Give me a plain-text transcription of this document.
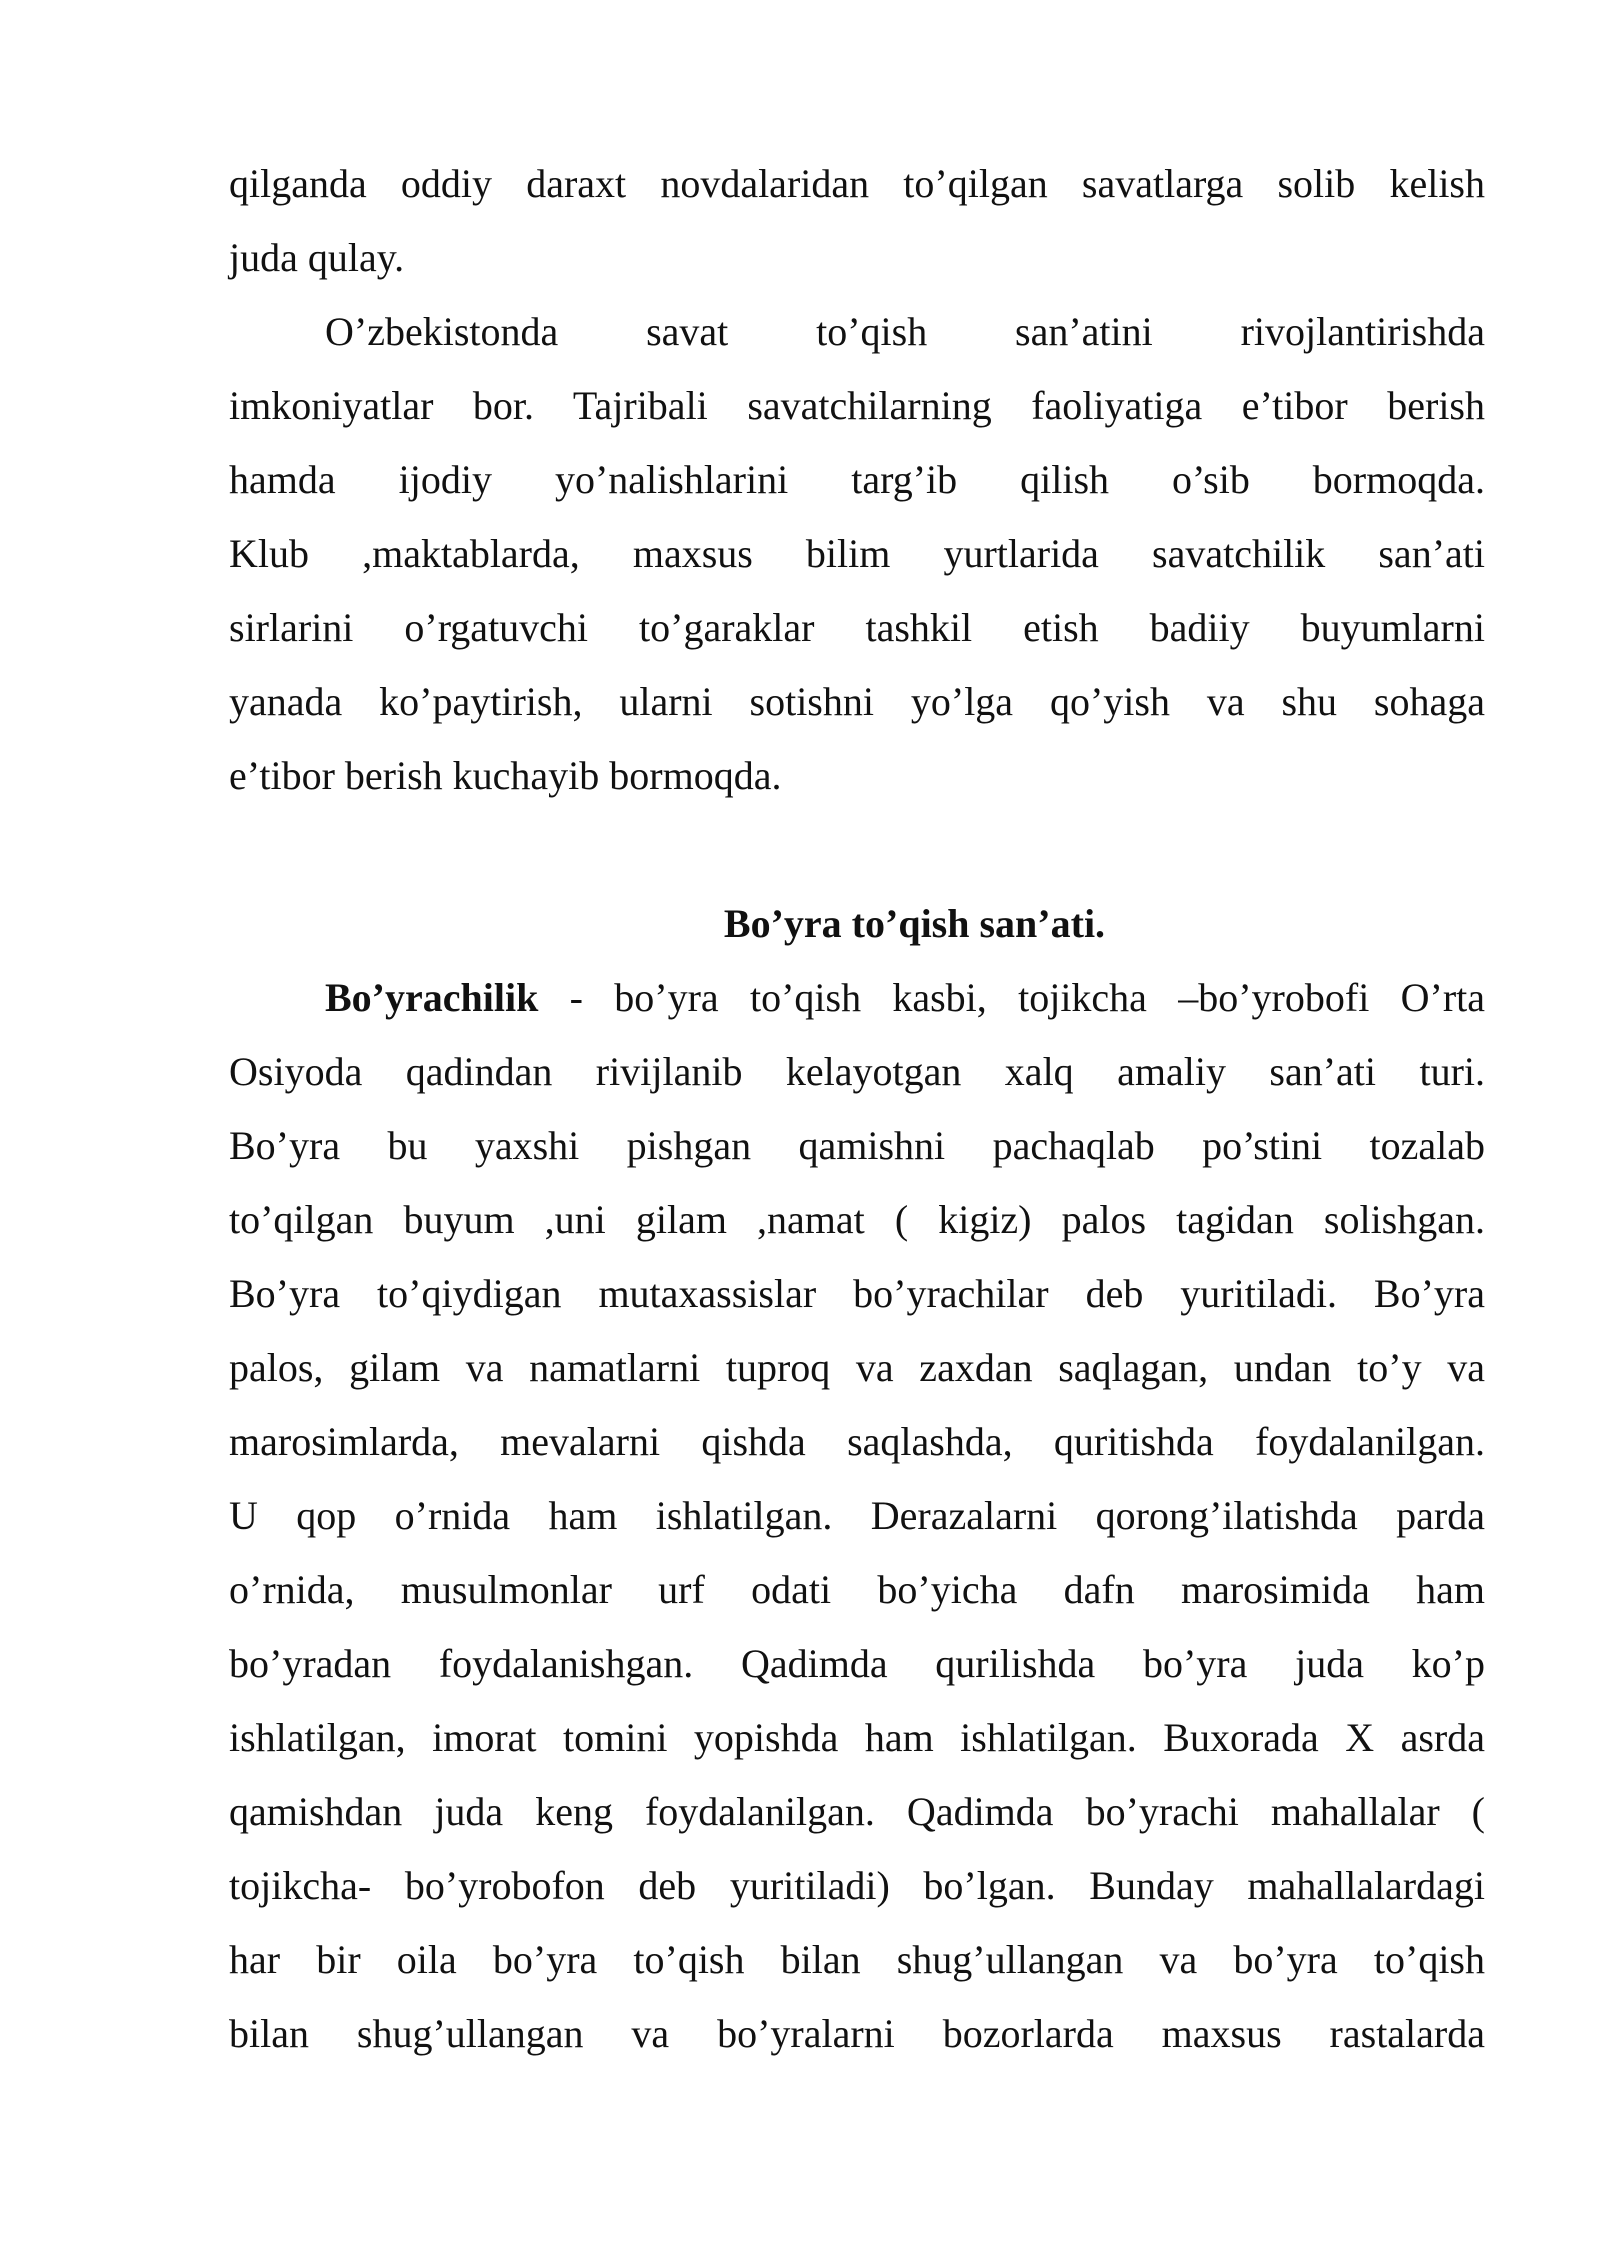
qilganda oddiy daraxt novdalaridan to’qilgan savatlarga solib kelish
juda qulay.
O’zbekistonda savat to’qish san’atini rivojlantirishda
imkoniyatlar bor. Tajribali savatchilarning faoliyatiga e’tibor berish
hamda ijodiy yo’nalishlarini targ’ib qilish o’sib bormoqda.
Klub ,maktablarda, maxsus bilim yurtlarida savatchilik san’ati
sirlarini o’rgatuvchi to’garaklar tashkil etish badiiy buyumlarni
yanada ko’paytirish, ularni sotishni yo’lga qo’yish va shu sohaga
e’tibor berish kuchayib bormoqda.
Bo’yra to’qish san’ati.
Bo’yrachilik - bo’yra to’qish kasbi, tojikcha –bo’yrobofi O’rta
Osiyoda qadindan rivijlanib kelayotgan xalq amaliy san’ati turi.
Bo’yra bu yaxshi pishgan qamishni pachaqlab po’stini tozalab
to’qilgan buyum ,uni gilam ,namat ( kigiz) palos tagidan solishgan.
Bo’yra to’qiydigan mutaxassislar bo’yrachilar deb yuritiladi. Bo’yra
palos, gilam va namatlarni tuproq va zaxdan saqlagan, undan to’y va
marosimlarda, mevalarni qishda saqlashda, quritishda foydalanilgan.
U qop o’rnida ham ishlatilgan. Derazalarni qorong’ilatishda parda
o’rnida, musulmonlar urf odati bo’yicha dafn marosimida ham
bo’yradan foydalanishgan. Qadimda qurilishda bo’yra juda ko’p
ishlatilgan, imorat tomini yopishda ham ishlatilgan. Buxorada X asrda
qamishdan juda keng foydalanilgan. Qadimda bo’yrachi mahallalar (
tojikcha- bo’yrobofon deb yuritiladi) bo’lgan. Bunday mahallalardagi
har bir oila bo’yra to’qish bilan shug’ullangan va bo’yra to’qish
bilan shug’ullangan va bo’yralarni bozorlarda maxsus rastalarda
